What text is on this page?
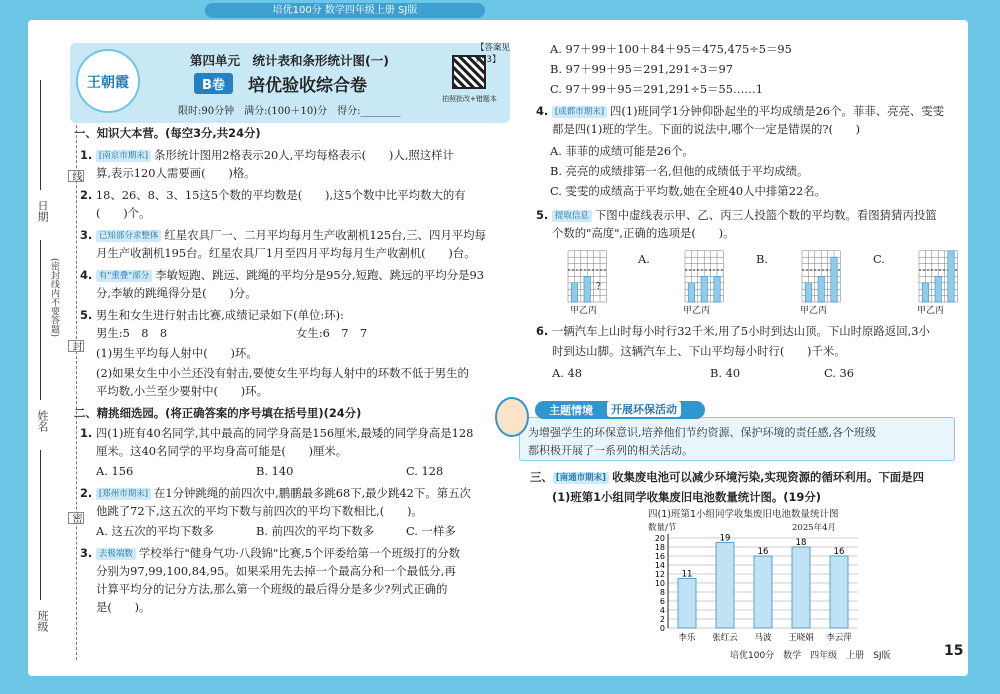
培优100分 数学四年级上册 SJ版
线
封
密
日期
(密封线内不要答题)
姓名
班级
王朝霞
第四单元　统计表和条形统计图(一)
B卷	培优验收综合卷
【答案见 P53】
拍照批改+错题本
限时:90分钟　满分:(100＋10)分　得分:________
一、知识大本营。(每空3分,共24分)
1. [南京市期末] 条形统计图用2格表示20人,平均每格表示(　　)人,照这样计
算,表示120人需要画(　　)格。
2. 18、26、8、3、15这5个数的平均数是(　　),这5个数中比平均数大的有
(　　)个。
3. 已知部分求整体 红星农具厂一、二月平均每月生产收割机125台,三、四月平均每
月生产收割机195台。红星农具厂1月至四月平均每月生产收割机(　　)台。
4. 有"重叠"部分 李敏短跑、跳远、跳绳的平均分是95分,短跑、跳远的平均分是93
分,李敏的跳绳得分是(　　)分。
5. 男生和女生进行射击比赛,成绩记录如下(单位:环):
男生:5　8　8	女生:6　7　7
(1)男生平均每人射中(　　)环。
(2)如果女生中小兰还没有射击,要使女生平均每人射中的环数不低于男生的
平均数,小兰至少要射中(　　)环。
二、精挑细选园。(将正确答案的序号填在括号里)(24分)
1. 四(1)班有40名同学,其中最高的同学身高是156厘米,最矮的同学身高是128
厘米。这40名同学的平均身高可能是(　　)厘米。
A. 156	B. 140	C. 128
2. [郑州市期末] 在1分钟跳绳的前四次中,鹏鹏最多跳68下,最少跳42下。第五次
他跳了72下,这五次的平均下数与前四次的平均下数相比,(　　)。
A. 这五次的平均下数多	B. 前四次的平均下数多	C. 一样多
3. 去极端数 学校举行"健身气功·八段锦"比赛,5个评委给第一个班级打的分数
分别为97,99,100,84,95。如果采用先去掉一个最高分和一个最低分,再
计算平均分的记分方法,那么第一个班级的最后得分是多少?列式正确的
是(　　)。
A. 97＋99＋100＋84＋95＝475,475÷5＝95
B. 97＋99＋95＝291,291÷3＝97
C. 97＋99＋95＝291,291÷5＝55……1
4. [成都市期末] 四(1)班同学1分钟仰卧起坐的平均成绩是26个。菲菲、亮亮、雯雯
都是四(1)班的学生。下面的说法中,哪个一定是错误的?(　　)
A. 菲菲的成绩可能是26个。
B. 亮亮的成绩排第一名,但他的成绩低于平均成绩。
C. 雯雯的成绩高于平均数,她在全班40人中排第22名。
5. 提取信息 下图中虚线表示甲、乙、丙三人投篮个数的平均数。看图猜猜丙投篮
个数的"高度",正确的选项是(　　)。
A.	B.	C.
甲乙丙	甲乙丙	甲乙丙	甲乙丙
?
6. 一辆汽车上山时每小时行32千米,用了5小时到达山顶。下山时原路返回,3小
时到达山脚。这辆汽车上、下山平均每小时行(　　)千米。
A. 48	B. 40	C. 36
为增强学生的环保意识,培养他们节约资源、保护环境的责任感,各个班级
都积极开展了一系列的相关活动。
主题情境	开展环保活动
三、 [南通市期末] 收集废电池可以减少环境污染,实现资源的循环利用。下面是四
(1)班第1小组同学收集废旧电池数量统计图。(19分)
四(1)班第1小组同学收集废旧电池数量统计图
数量/节	2025年4月
0
2
4
6
8
10
12
14
16
18
20
11
李乐
19
张红云
16
马波
18
王晓娟
16
李云萍
培优100分　数学　四年级　上册　SJ版	15
